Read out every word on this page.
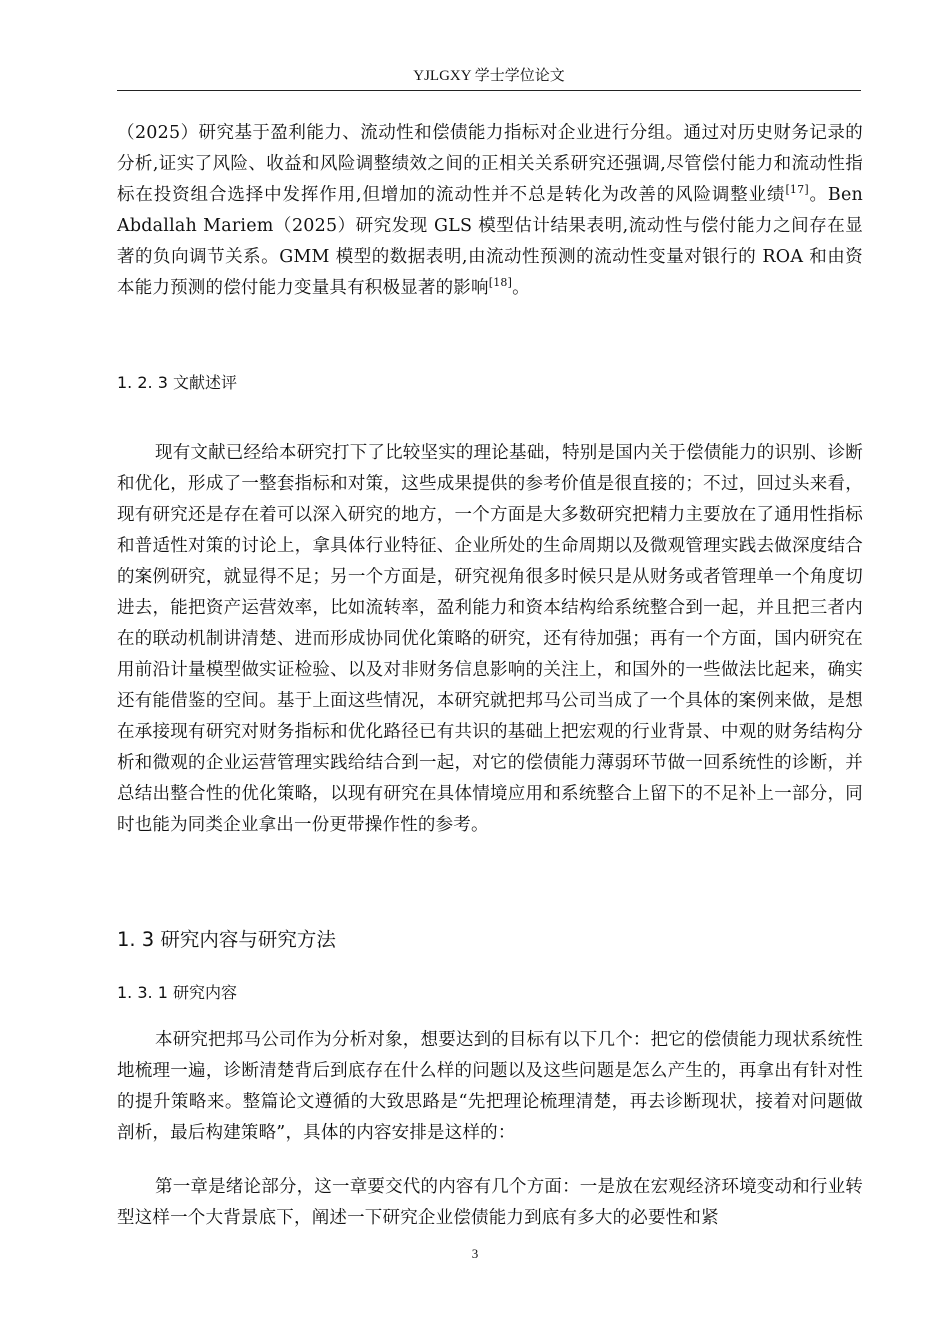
YJLGXY 学士学位论文
（2025）研究基于盈利能力、流动性和偿债能力指标对企业进行分组。通过对历史财务记录的分析,证实了风险、收益和风险调整绩效之间的正相关关系研究还强调,尽管偿付能力和流动性指标在投资组合选择中发挥作用,但增加的流动性并不总是转化为改善的风险调整业绩[17]。Ben Abdallah Mariem（2025）研究发现 GLS 模型估计结果表明,流动性与偿付能力之间存在显著的负向调节关系。GMM 模型的数据表明,由流动性预测的流动性变量对银行的 ROA 和由资本能力预测的偿付能力变量具有积极显著的影响[18]。
1. 2. 3 文献述评
现有文献已经给本研究打下了比较坚实的理论基础，特别是国内关于偿债能力的识别、诊断和优化，形成了一整套指标和对策，这些成果提供的参考价值是很直接的；不过，回过头来看，现有研究还是存在着可以深入研究的地方，一个方面是大多数研究把精力主要放在了通用性指标和普适性对策的讨论上，拿具体行业特征、企业所处的生命周期以及微观管理实践去做深度结合的案例研究，就显得不足；另一个方面是，研究视角很多时候只是从财务或者管理单一个角度切进去，能把资产运营效率，比如流转率，盈利能力和资本结构给系统整合到一起，并且把三者内在的联动机制讲清楚、进而形成协同优化策略的研究，还有待加强；再有一个方面，国内研究在用前沿计量模型做实证检验、以及对非财务信息影响的关注上，和国外的一些做法比起来，确实还有能借鉴的空间。基于上面这些情况，本研究就把邦马公司当成了一个具体的案例来做，是想在承接现有研究对财务指标和优化路径已有共识的基础上把宏观的行业背景、中观的财务结构分析和微观的企业运营管理实践给结合到一起，对它的偿债能力薄弱环节做一回系统性的诊断，并总结出整合性的优化策略，以现有研究在具体情境应用和系统整合上留下的不足补上一部分，同时也能为同类企业拿出一份更带操作性的参考。
1. 3 研究内容与研究方法
1. 3. 1 研究内容
本研究把邦马公司作为分析对象，想要达到的目标有以下几个：把它的偿债能力现状系统性地梳理一遍，诊断清楚背后到底存在什么样的问题以及这些问题是怎么产生的，再拿出有针对性的提升策略来。整篇论文遵循的大致思路是“先把理论梳理清楚，再去诊断现状，接着对问题做剖析，最后构建策略”，具体的内容安排是这样的：
第一章是绪论部分，这一章要交代的内容有几个方面：一是放在宏观经济环境变动和行业转型这样一个大背景底下，阐述一下研究企业偿债能力到底有多大的必要性和紧
3
